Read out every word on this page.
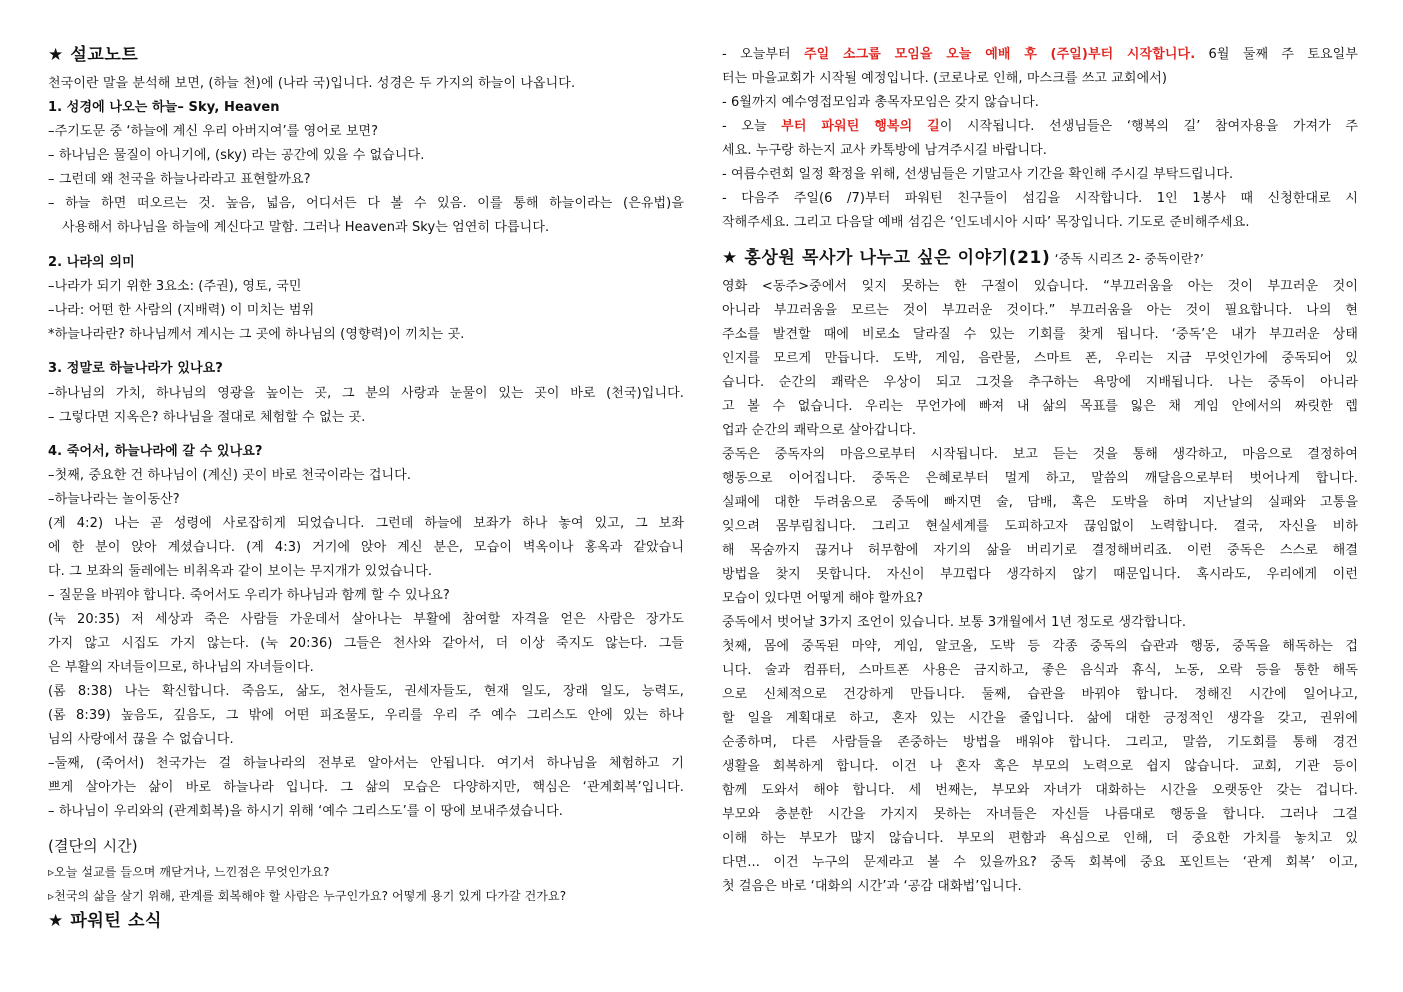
★ 설교노트
천국이란 말을 분석해 보면, (하늘 천)에 (나라 국)입니다. 성경은 두 가지의 하늘이 나옵니다.
1. 성경에 나오는 하늘– Sky, Heaven
–주기도문 중 ‘하늘에 계신 우리 아버지여’를 영어로 보면?
– 하나님은 물질이 아니기에, (sky) 라는 공간에 있을 수 없습니다.
– 그런데 왜 천국을 하늘나라라고 표현할까요?
– 하늘 하면 떠오르는 것. 높음, 넓음, 어디서든 다 볼 수 있음. 이를 통해 하늘이라는 (은유법)을
사용해서 하나님을 하늘에 계신다고 말함. 그러나 Heaven과 Sky는 엄연히 다릅니다.
2. 나라의 의미
–나라가 되기 위한 3요소: (주권), 영토, 국민
–나라: 어떤 한 사람의 (지배력) 이 미치는 범위
*하늘나라란? 하나님께서 계시는 그 곳에 하나님의 (영향력)이 끼치는 곳.
3. 정말로 하늘나라가 있나요?
–하나님의 가치, 하나님의 영광을 높이는 곳, 그 분의 사랑과 눈물이 있는 곳이 바로 (천국)입니다.
– 그렇다면 지옥은? 하나님을 절대로 체험할 수 없는 곳.
4. 죽어서, 하늘나라에 갈 수 있나요?
–첫째, 중요한 건 하나님이 (계신) 곳이 바로 천국이라는 겁니다.
–하늘나라는 놀이동산?
(계 4:2) 나는 곧 성령에 사로잡히게 되었습니다. 그런데 하늘에 보좌가 하나 놓여 있고, 그 보좌
에 한 분이 앉아 계셨습니다. (계 4:3) 거기에 앉아 계신 분은, 모습이 벽옥이나 홍옥과 같았습니
다. 그 보좌의 둘레에는 비취옥과 같이 보이는 무지개가 있었습니다.
– 질문을 바꿔야 합니다. 죽어서도 우리가 하나님과 함께 할 수 있나요?
(눅 20:35) 저 세상과 죽은 사람들 가운데서 살아나는 부활에 참여할 자격을 얻은 사람은 장가도
가지 않고 시집도 가지 않는다. (눅 20:36) 그들은 천사와 같아서, 더 이상 죽지도 않는다. 그들
은 부활의 자녀들이므로, 하나님의 자녀들이다.
(롬 8:38) 나는 확신합니다. 죽음도, 삶도, 천사들도, 권세자들도, 현재 일도, 장래 일도, 능력도,
(롬 8:39) 높음도, 깊음도, 그 밖에 어떤 피조물도, 우리를 우리 주 예수 그리스도 안에 있는 하나
님의 사랑에서 끊을 수 없습니다.
–둘째, (죽어서) 천국가는 걸 하늘나라의 전부로 알아서는 안됩니다. 여기서 하나님을 체험하고 기
쁘게 살아가는 삶이 바로 하늘나라 입니다. 그 삶의 모습은 다양하지만, 핵심은 ‘관계회복’입니다.
– 하나님이 우리와의 (관계회복)을 하시기 위해 ‘예수 그리스도’를 이 땅에 보내주셨습니다.
(결단의 시간)
▹오늘 설교를 들으며 깨닫거나, 느낀점은 무엇인가요?
▹천국의 삶을 살기 위해, 관계를 회복해야 할 사람은 누구인가요? 어떻게 용기 있게 다가갈 건가요?
★ 파워틴 소식
- 오늘부터 주일 소그룹 모임을 오늘 예배 후 (주일)부터 시작합니다. 6월 둘째 주 토요일부
터는 마을교회가 시작될 예정입니다. (코로나로 인해, 마스크를 쓰고 교회에서)
- 6월까지 예수영접모임과 총목자모임은 갖지 않습니다.
- 오늘 부터 파워틴 행복의 길이 시작됩니다. 선생님들은 ‘행복의 길’ 참여자용을 가져가 주
세요. 누구랑 하는지 교사 카톡방에 남겨주시길 바랍니다.
- 여름수련회 일정 확정을 위해, 선생님들은 기말고사 기간을 확인해 주시길 부탁드립니다.
- 다음주 주일(6 /7)부터 파워틴 친구들이 섬김을 시작합니다. 1인 1봉사 때 신청한대로 시
작해주세요. 그리고 다음달 예배 섬김은 ‘인도네시아 시따’ 목장입니다. 기도로 준비해주세요.
★ 홍상원 목사가 나누고 싶은 이야기(21) ‘중독 시리즈 2- 중독이란?’
영화 <동주>중에서 잊지 못하는 한 구절이 있습니다. “부끄러움을 아는 것이 부끄러운 것이
아니라 부끄러움을 모르는 것이 부끄러운 것이다.” 부끄러움을 아는 것이 필요합니다. 나의 현
주소를 발견할 때에 비로소 달라질 수 있는 기회를 찾게 됩니다. ‘중독’은 내가 부끄러운 상태
인지를 모르게 만듭니다. 도박, 게임, 음란물, 스마트 폰, 우리는 지금 무엇인가에 중독되어 있
습니다. 순간의 쾌락은 우상이 되고 그것을 추구하는 욕망에 지배됩니다. 나는 중독이 아니라
고 볼 수 없습니다. 우리는 무언가에 빠져 내 삶의 목표를 잃은 채 게임 안에서의 짜릿한 렙
업과 순간의 쾌락으로 살아갑니다.
중독은 중독자의 마음으로부터 시작됩니다. 보고 듣는 것을 통해 생각하고, 마음으로 결정하여
행동으로 이어집니다. 중독은 은혜로부터 멀게 하고, 말씀의 깨달음으로부터 벗어나게 합니다.
실패에 대한 두려움으로 중독에 빠지면 술, 담배, 혹은 도박을 하며 지난날의 실패와 고통을
잊으려 몸부림칩니다. 그리고 현실세계를 도피하고자 끊임없이 노력합니다. 결국, 자신을 비하
해 목숨까지 끊거나 허무함에 자기의 삶을 버리기로 결정해버리죠. 이런 중독은 스스로 해결
방법을 찾지 못합니다. 자신이 부끄럽다 생각하지 않기 때문입니다. 혹시라도, 우리에게 이런
모습이 있다면 어떻게 해야 할까요?
중독에서 벗어날 3가지 조언이 있습니다. 보통 3개월에서 1년 정도로 생각합니다.
첫째, 몸에 중독된 마약, 게임, 알코올, 도박 등 각종 중독의 습관과 행동, 중독을 해독하는 겁
니다. 술과 컴퓨터, 스마트폰 사용은 금지하고, 좋은 음식과 휴식, 노동, 오락 등을 통한 해독
으로 신체적으로 건강하게 만듭니다. 둘째, 습관을 바꿔야 합니다. 정해진 시간에 일어나고,
할 일을 계획대로 하고, 혼자 있는 시간을 줄입니다. 삶에 대한 긍정적인 생각을 갖고, 권위에
순종하며, 다른 사람들을 존중하는 방법을 배워야 합니다. 그리고, 말씀, 기도회를 통해 경건
생활을 회복하게 합니다. 이건 나 혼자 혹은 부모의 노력으로 쉽지 않습니다. 교회, 기관 등이
함께 도와서 해야 합니다. 세 번째는, 부모와 자녀가 대화하는 시간을 오랫동안 갖는 겁니다.
부모와 충분한 시간을 가지지 못하는 자녀들은 자신들 나름대로 행동을 합니다. 그러나 그걸
이해 하는 부모가 많지 않습니다. 부모의 편함과 욕심으로 인해, 더 중요한 가치를 놓치고 있
다면... 이건 누구의 문제라고 볼 수 있을까요? 중독 회복에 중요 포인트는 ‘관계 회복’ 이고,
첫 걸음은 바로 ‘대화의 시간’과 ‘공감 대화법’입니다.
